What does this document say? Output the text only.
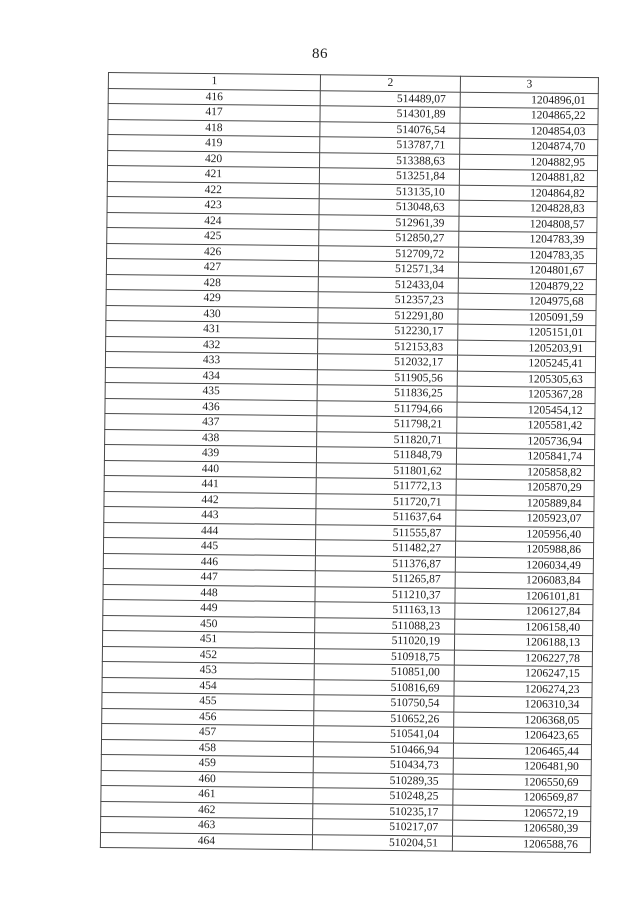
86
1	2	3
416	514489,07	1204896,01
417	514301,89	1204865,22
418	514076,54	1204854,03
419	513787,71	1204874,70
420	513388,63	1204882,95
421	513251,84	1204881,82
422	513135,10	1204864,82
423	513048,63	1204828,83
424	512961,39	1204808,57
425	512850,27	1204783,39
426	512709,72	1204783,35
427	512571,34	1204801,67
428	512433,04	1204879,22
429	512357,23	1204975,68
430	512291,80	1205091,59
431	512230,17	1205151,01
432	512153,83	1205203,91
433	512032,17	1205245,41
434	511905,56	1205305,63
435	511836,25	1205367,28
436	511794,66	1205454,12
437	511798,21	1205581,42
438	511820,71	1205736,94
439	511848,79	1205841,74
440	511801,62	1205858,82
441	511772,13	1205870,29
442	511720,71	1205889,84
443	511637,64	1205923,07
444	511555,87	1205956,40
445	511482,27	1205988,86
446	511376,87	1206034,49
447	511265,87	1206083,84
448	511210,37	1206101,81
449	511163,13	1206127,84
450	511088,23	1206158,40
451	511020,19	1206188,13
452	510918,75	1206227,78
453	510851,00	1206247,15
454	510816,69	1206274,23
455	510750,54	1206310,34
456	510652,26	1206368,05
457	510541,04	1206423,65
458	510466,94	1206465,44
459	510434,73	1206481,90
460	510289,35	1206550,69
461	510248,25	1206569,87
462	510235,17	1206572,19
463	510217,07	1206580,39
464	510204,51	1206588,76
